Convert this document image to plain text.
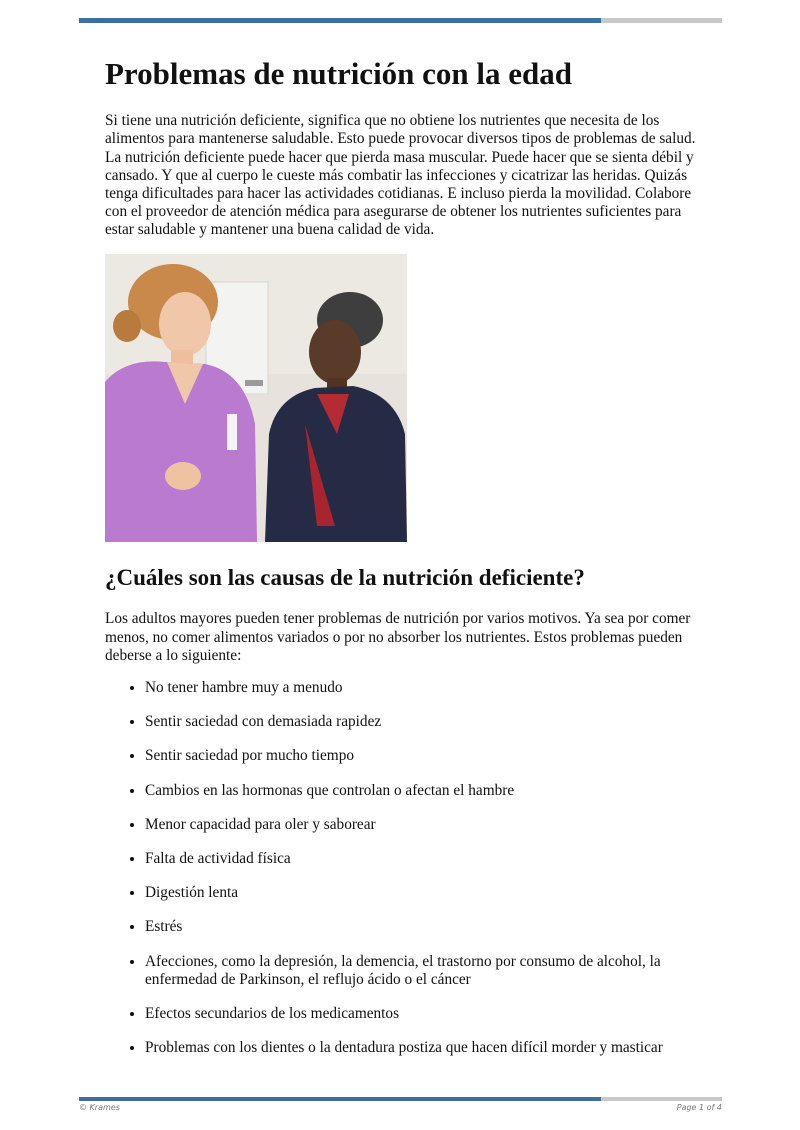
Problemas de nutrición con la edad

Si tiene una nutrición deficiente, significa que no obtiene los nutrientes que necesita de los alimentos para mantenerse saludable. Esto puede provocar diversos tipos de problemas de salud. La nutrición deficiente puede hacer que pierda masa muscular. Puede hacer que se sienta débil y cansado. Y que al cuerpo le cueste más combatir las infecciones y cicatrizar las heridas. Quizás tenga dificultades para hacer las actividades cotidianas. E incluso pierda la movilidad. Colabore con el proveedor de atención médica para asegurarse de obtener los nutrientes suficientes para estar saludable y mantener una buena calidad de vida.

¿Cuáles son las causas de la nutrición deficiente?

Los adultos mayores pueden tener problemas de nutrición por varios motivos. Ya sea por comer menos, no comer alimentos variados o por no absorber los nutrientes. Estos problemas pueden deberse a lo siguiente:

• No tener hambre muy a menudo
• Sentir saciedad con demasiada rapidez
• Sentir saciedad por mucho tiempo
• Cambios en las hormonas que controlan o afectan el hambre
• Menor capacidad para oler y saborear
• Falta de actividad física
• Digestión lenta
• Estrés
• Afecciones, como la depresión, la demencia, el trastorno por consumo de alcohol, la enfermedad de Parkinson, el reflujo ácido o el cáncer
• Efectos secundarios de los medicamentos
• Problemas con los dientes o la dentadura postiza que hacen difícil morder y masticar
© Krames	Page 1 of 4
